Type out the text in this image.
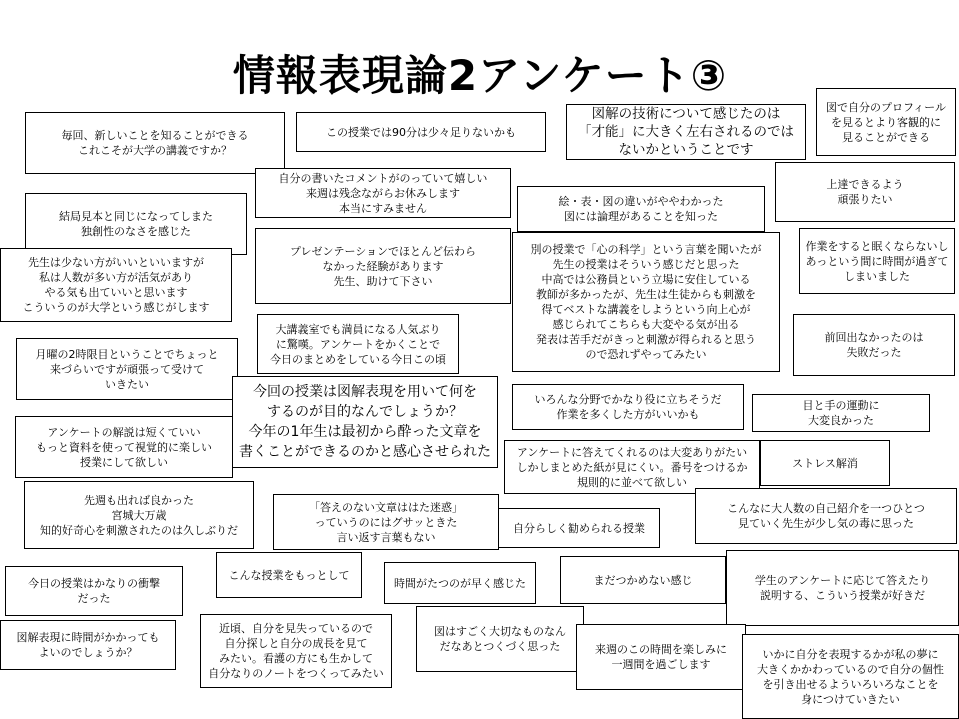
情報表現論2アンケート③
毎回、新しいことを知ることができる
これこそが大学の講義ですか？
この授業では90分は少々足りないかも
図解の技術について感じたのは
「才能」に大きく左右されるのでは
ないかということです
図で自分のプロフィール
を見るとより客観的に
見ることができる
自分の書いたコメントがのっていて嬉しい
来週は残念ながらお休みします
本当にすみません	絵・表・図の違いがややわかった
図には論理があることを知った
上達できるよう
頑張りたい
結局見本と同じになってしまた
独創性のなさを感じた
プレゼンテーションでほとんど伝わら
なかった経験があります
先生、助けて下さい
別の授業で「心の科学」という言葉を聞いたが
先生の授業はそういう感じだと思った
中高では公務員という立場に安住している
教師が多かったが、先生は生徒からも刺激を
得てベストな講義をしようという向上心が
感じられてこちらも大変やる気が出る
発表は苦手だがきっと刺激が得られると思う
ので恐れずやってみたい
作業をすると眠くならないし
あっという間に時間が過ぎて
しまいました
先生は少ない方がいいといいますが
私は人数が多い方が活気があり
やる気も出ていいと思います
こういうのが大学という感じがします
大講義室でも満員になる人気ぶり
に驚嘆。アンケートをかくことで
今日のまとめをしている今日この頃
前回出なかったのは
失敗だった
月曜の2時限目ということでちょっと
来づらいですが頑張って受けて
いきたい	今回の授業は図解表現を用いて何を
するのが目的なんでしょうか？
今年の1年生は最初から酔った文章を
書くことができるのかと感心させられた
いろんな分野でかなり役に立ちそうだ
作業を多くした方がいいかも
目と手の運動に
大変良かった
アンケートの解説は短くていい
もっと資料を使って視覚的に楽しい
授業にして欲しい
アンケートに答えてくれるのは大変ありがたい
しかしまとめた紙が見にくい。番号をつけるか
規則的に並べて欲しい
ストレス解消
先週も出れば良かった
宮城大万歳
知的好奇心を刺激されたのは久しぶりだ
「答えのない文章ははた迷惑」
っていうのにはグサッときた
言い返す言葉もない
自分らしく勧められる授業
こんなに大人数の自己紹介を一つひとつ
見ていく先生が少し気の毒に思った
こんな授業をもっとして
時間がたつのが早く感じた	まだつかめない感じ	学生のアンケートに応じて答えたり
説明する、こういう授業が好きだ
今日の授業はかなりの衝撃
だった
図解表現に時間がかかっても
よいのでしょうか？
近頃、自分を見失っているので
自分探しと自分の成長を見て
みたい。看護の方にも生かして
自分なりのノートをつくってみたい
図はすごく大切なものなん
だなあとつくづく思った	来週のこの時間を楽しみに
一週間を過ごします
いかに自分を表現するかが私の夢に
大きくかかわっているので自分の個性
を引き出せるよういろいろなことを
身につけていきたい
